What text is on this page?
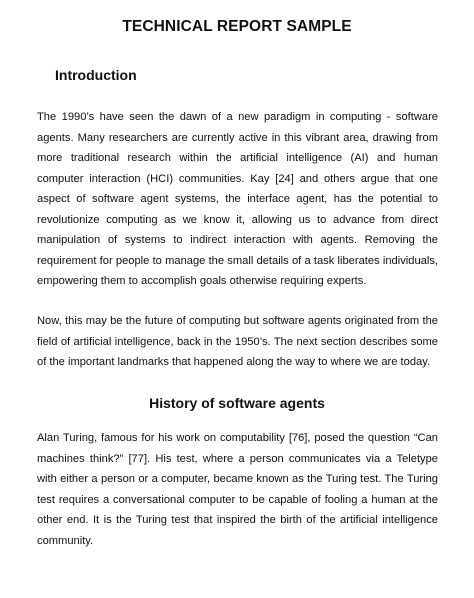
TECHNICAL REPORT SAMPLE
Introduction

The 1990’s have seen the dawn of a new paradigm in computing - software agents. Many researchers are currently active in this vibrant area, drawing from more traditional research within the artificial intelligence (AI) and human computer interaction (HCI) communities. Kay [24] and others argue that one aspect of software agent systems, the interface agent, has the potential to revolutionize computing as we know it, allowing us to advance from direct manipulation of systems to indirect interaction with agents. Removing the requirement for people to manage the small details of a task liberates individuals, empowering them to accomplish goals otherwise requiring experts.

Now, this may be the future of computing but software agents originated from the field of artificial intelligence, back in the 1950’s. The next section describes some of the important landmarks that happened along the way to where we are today.

History of software agents

Alan Turing, famous for his work on computability [76], posed the question “Can machines think?” [77]. His test, where a person communicates via a Teletype with either a person or a computer, became known as the Turing test. The Turing test requires a conversational computer to be capable of fooling a human at the other end. It is the Turing test that inspired the birth of the artificial intelligence community.
